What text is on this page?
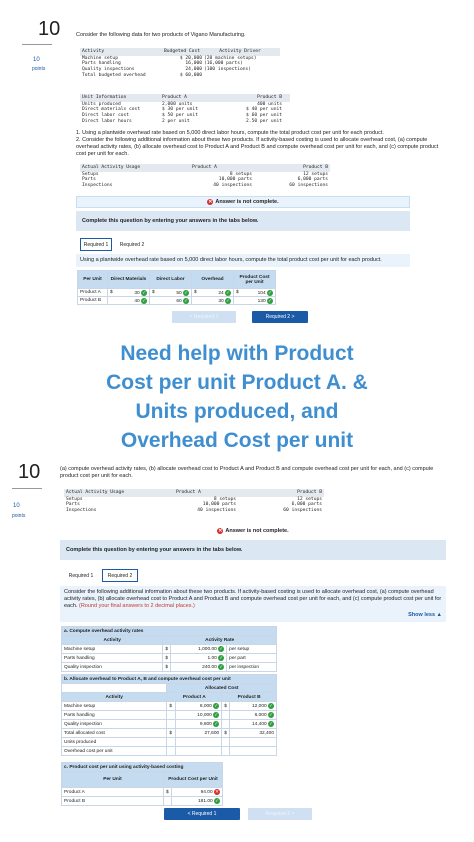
10
10
points
Consider the following data for two products of Vigano Manufacturing.
Activity	Budgeted Cost	Activity Driver
Machine setup	$ 20,000 (20 machine setups)
Parts handling	16,000 (16,000 parts)
Quality inspections	24,000 (100 inspections)
Total budgeted overhead	$ 60,000
Unit Information	Product A	Product B
Units produced	2,000 units	400 units
Direct materials cost	$ 30 per unit	$ 40 per unit
Direct labor cost	$ 50 per unit	$ 60 per unit
Direct labor hours	2 per unit	2.50 per unit
1. Using a plantwide overhead rate based on 5,000 direct labor hours, compute the total product cost per unit for each product.
2. Consider the following additional information about these two products. If activity-based costing is used to allocate overhead cost, (a) compute overhead activity rates, (b) allocate overhead cost to Product A and Product B and compute overhead cost per unit for each, and (c) compute product cost per unit for each.
Actual Activity Usage	Product A	Product B
Setups	8 setups	12 setups
Parts	10,000 parts	6,000 parts
Inspections	40 inspections	60 inspections
✕ Answer is not complete.
Complete this question by entering your answers in the tabs below.
Required 1	Required 2
Using a plantwide overhead rate based on 5,000 direct labor hours, compute the total product cost per unit for each product.
Per Unit	Direct Materials	Direct Labor	Overhead	Product Cost per Unit
Product A	$ 30 ✓	$ 50 ✓	$ 24 ✓	$ 104 ✓
Product B	40 ✓	60 ✓	30 ✓	130 ✓
< Required 1	Required 2 >
Need help with Product
Cost per unit Product A. &
Units produced, and
Overhead Cost per unit
10
10
points
(a) compute overhead activity rates, (b) allocate overhead cost to Product A and Product B and compute overhead cost per unit for each, and (c) compute product cost per unit for each.
Actual Activity Usage	Product A	Product B
Setups	8 setups	12 setups
Parts	10,000 parts	6,000 parts
Inspections	40 inspections	60 inspections
✕ Answer is not complete.
Complete this question by entering your answers in the tabs below.
Required 1	Required 2
Consider the following additional information about these two products. If activity-based costing is used to allocate overhead cost, (a) compute overhead activity rates, (b) allocate overhead cost to Product A and Product B and compute overhead cost per unit for each, and (c) compute product cost per unit for each. (Round your final answers to 2 decimal places.)
Show less ▲
a. Compute overhead activity rates			
Activity	Activity Rate		
Machine setup	$	1,000.00 ✓	per setup
Parts handling	$	1.00 ✓	per part
Quality inspection	$	240.00 ✓	per inspection
b. Allocate overhead to Product A, B and compute overhead cost per unit				
	Allocated Cost			
Activity	Product A		Product B	
Machine setup	$	8,000 ✓	$	12,000 ✓
Parts handling		10,000 ✓		6,000 ✓
Quality inspection		9,600 ✓		14,400 ✓
Total allocated cost	$	27,600	$	32,400
Units produced				
Overhead cost per unit				
c. Product cost per unit using activity-based costing		
Per Unit	Product Cost per Unit	
Product A	$	94.00 ✕
Product B		181.00 ✓
< Required 1	Required 2 >
